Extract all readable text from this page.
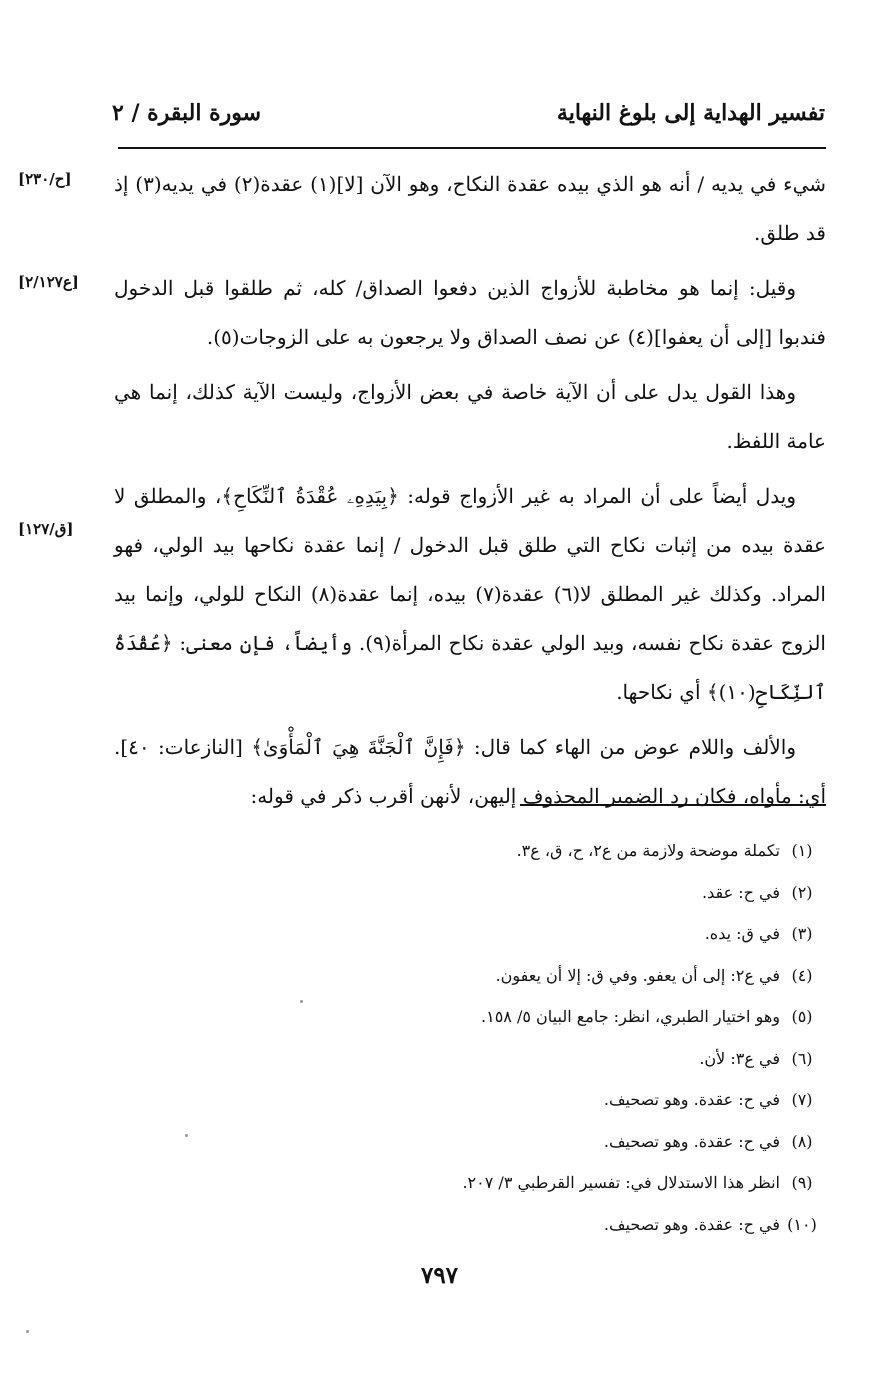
تفسير الهداية إلى بلوغ النهاية
سورة البقرة / ٢
[ح/٢٣٠]
[ع٢/١٢٧]
[ق/١٢٧]

شيء في يديه / أنه هو الذي بيده عقدة النكاح، وهو الآن [لا](١) عقدة(٢) في يديه(٣) إذ قد طلق.

وقيل: إنما هو مخاطبة للأزواج الذين دفعوا الصداق/ كله، ثم طلقوا قبل الدخول فندبوا [إلى أن يعفوا](٤) عن نصف الصداق ولا يرجعون به على الزوجات(٥).

وهذا القول يدل على أن الآية خاصة في بعض الأزواج، وليست الآية كذلك، إنما هي عامة اللفظ.

ويدل أيضاً على أن المراد به غير الأزواج قوله: ﴿بِيَدِهِۦ عُقْدَةُ ٱلنِّكَاحِ﴾، والمطلق لا عقدة بيده من إثبات نكاح التي طلق قبل الدخول / إنما عقدة نكاحها بيد الولي، فهو المراد. وكذلك غير المطلق لا(٦) عقدة(٧) بيده، إنما عقدة(٨) النكاح للولي، وإنما بيد الزوج عقدة نكاح نفسه، وبيد الولي عقدة نكاح المرأة(٩). وأيضاً، فإن معنى: ﴿عُقْدَةُ ٱلنِّكَاحِ(١٠)﴾ أي نكاحها.

والألف واللام عوض من الهاء كما قال: ﴿فَإِنَّ ٱلْجَنَّةَ هِيَ ٱلْمَأْوَىٰ﴾ [النازعات: ٤٠]. أي: مأواه، فكان رد الضمير المحذوف إليهن، لأنهن أقرب ذكر في قوله:

(١)
تكملة موضحة ولازمة من ع٢، ح، ق، ع٣.
(٢)
في ح: عقد.
(٣)
في ق: يده.
(٤)
في ع٢: إلى أن يعفو. وفي ق: إلا أن يعفون.
(٥)
وهو اختيار الطبري، انظر: جامع البيان ٥/ ١٥٨.
(٦)
في ع٣: لأن.
(٧)
في ح: عقدة. وهو تصحيف.
(٨)
في ح: عقدة. وهو تصحيف.
(٩)
انظر هذا الاستدلال في: تفسير القرطبي ٣/ ٢٠٧.
(١٠)
في ح: عقدة. وهو تصحيف.
٧٩٧
